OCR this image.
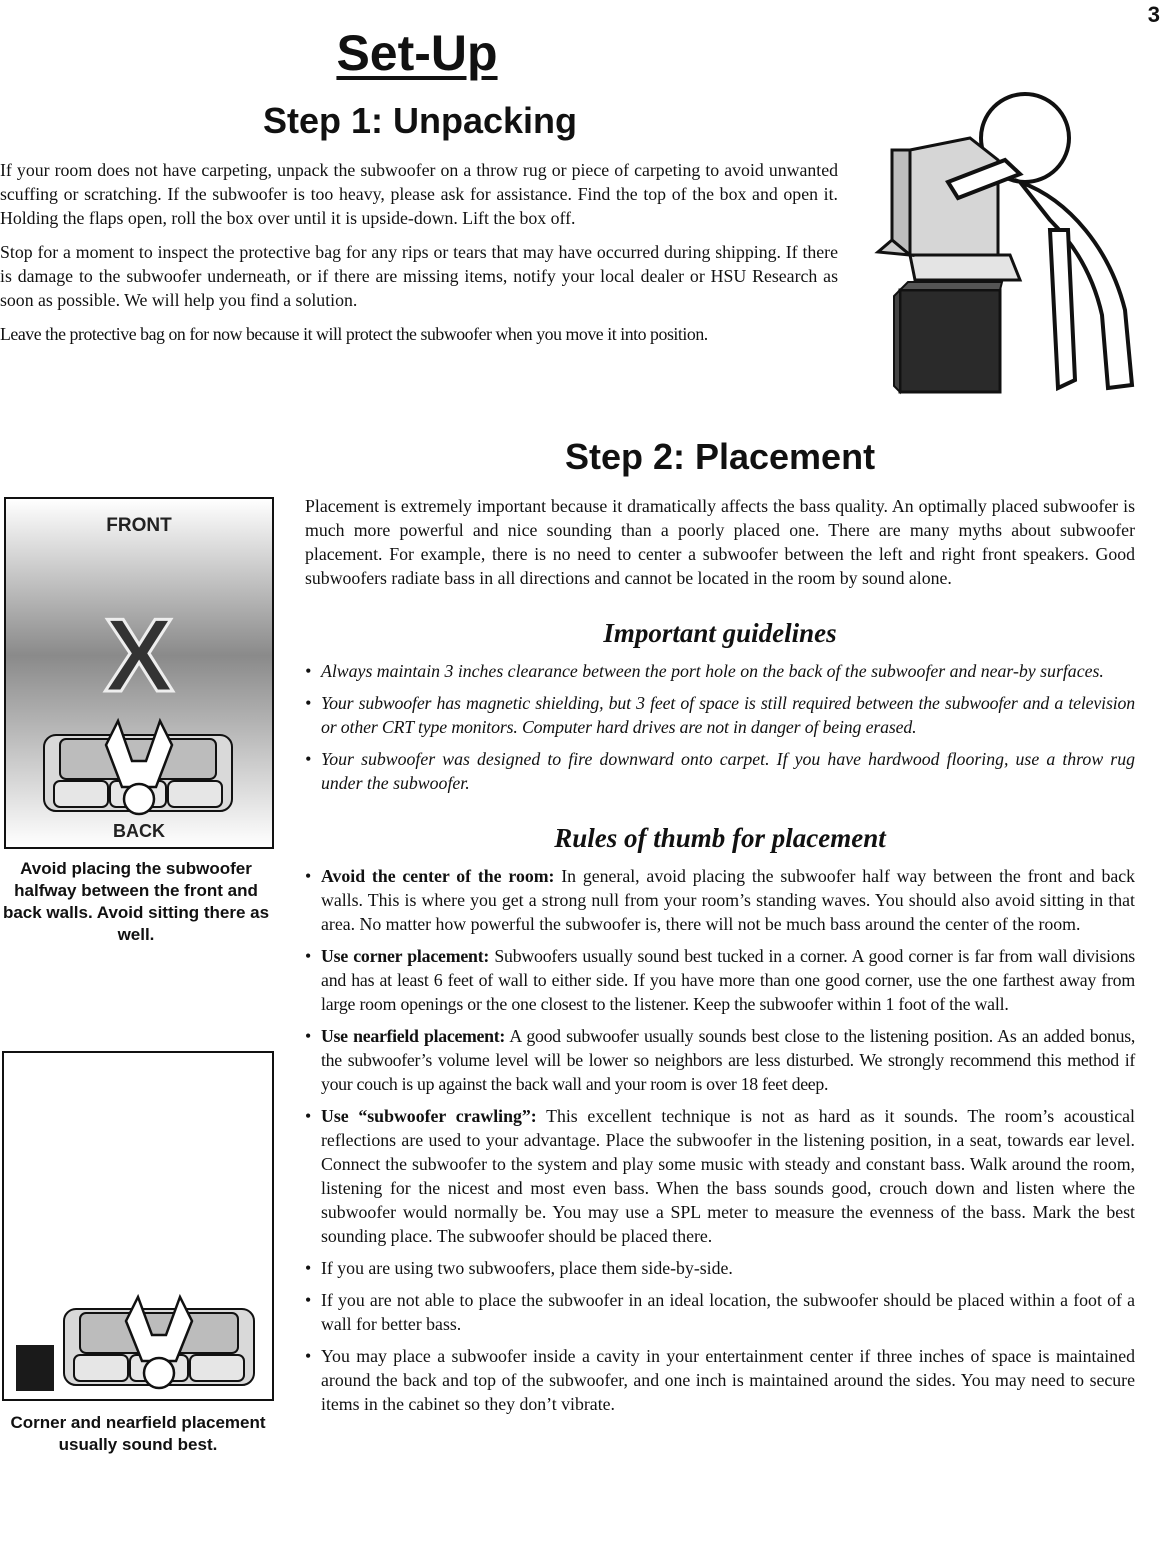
3
Set-Up
Step 1: Unpacking

If your room does not have carpeting, unpack the subwoofer on a throw rug or piece of carpeting to avoid unwanted scuffing or scratching. If the subwoofer is too heavy, please ask for assistance. Find the top of the box and open it. Holding the flaps open, roll the box over until it is upside-down. Lift the box off.

Stop for a moment to inspect the protective bag for any rips or tears that may have occurred during shipping. If there is damage to the subwoofer underneath, or if there are missing items, notify your local dealer or HSU Research as soon as possible. We will help you find a solution.

Leave the protective bag on for now because it will protect the subwoofer when you move it into position.

Step 2: Placement
FRONT
X
BACK
Avoid placing the subwoofer halfway between the front and back walls. Avoid sitting there as well.
Corner and nearfield placement usually sound best.

Placement is extremely important because it dramatically affects the bass quality. An optimally placed subwoofer is much more powerful and nice sounding than a poorly placed one. There are many myths about subwoofer placement. For example, there is no need to center a subwoofer between the left and right front speakers. Good subwoofers radiate bass in all directions and cannot be located in the room by sound alone.

Important guidelines

• Always maintain 3 inches clearance between the port hole on the back of the subwoofer and near-by surfaces.
• Your subwoofer has magnetic shielding, but 3 feet of space is still required between the subwoofer and a television or other CRT type monitors. Computer hard drives are not in danger of being erased.
• Your subwoofer was designed to fire downward onto carpet. If you have hardwood flooring, use a throw rug under the subwoofer.

Rules of thumb for placement

• Avoid the center of the room: In general, avoid placing the subwoofer half way between the front and back walls. This is where you get a strong null from your room’s standing waves. You should also avoid sitting in that area. No matter how powerful the subwoofer is, there will not be much bass around the center of the room.
• Use corner placement: Subwoofers usually sound best tucked in a corner. A good corner is far from wall divisions and has at least 6 feet of wall to either side. If you have more than one good corner, use the one farthest away from large room openings or the one closest to the listener. Keep the subwoofer within 1 foot of the wall.
• Use nearfield placement: A good subwoofer usually sounds best close to the listening position. As an added bonus, the subwoofer’s volume level will be lower so neighbors are less disturbed. We strongly recommend this method if your couch is up against the back wall and your room is over 18 feet deep.
• Use “subwoofer crawling”: This excellent technique is not as hard as it sounds. The room’s acoustical reflections are used to your advantage. Place the subwoofer in the listening position, in a seat, towards ear level. Connect the subwoofer to the system and play some music with steady and constant bass. Walk around the room, listening for the nicest and most even bass. When the bass sounds good, crouch down and listen where the subwoofer would normally be. You may use a SPL meter to measure the evenness of the bass. Mark the best sounding place. The subwoofer should be placed there.
• If you are using two subwoofers, place them side-by-side.
• If you are not able to place the subwoofer in an ideal location, the subwoofer should be placed within a foot of a wall for better bass.
• You may place a subwoofer inside a cavity in your entertainment center if three inches of space is maintained around the back and top of the subwoofer, and one inch is maintained around the sides. You may need to secure items in the cabinet so they don’t vibrate.
